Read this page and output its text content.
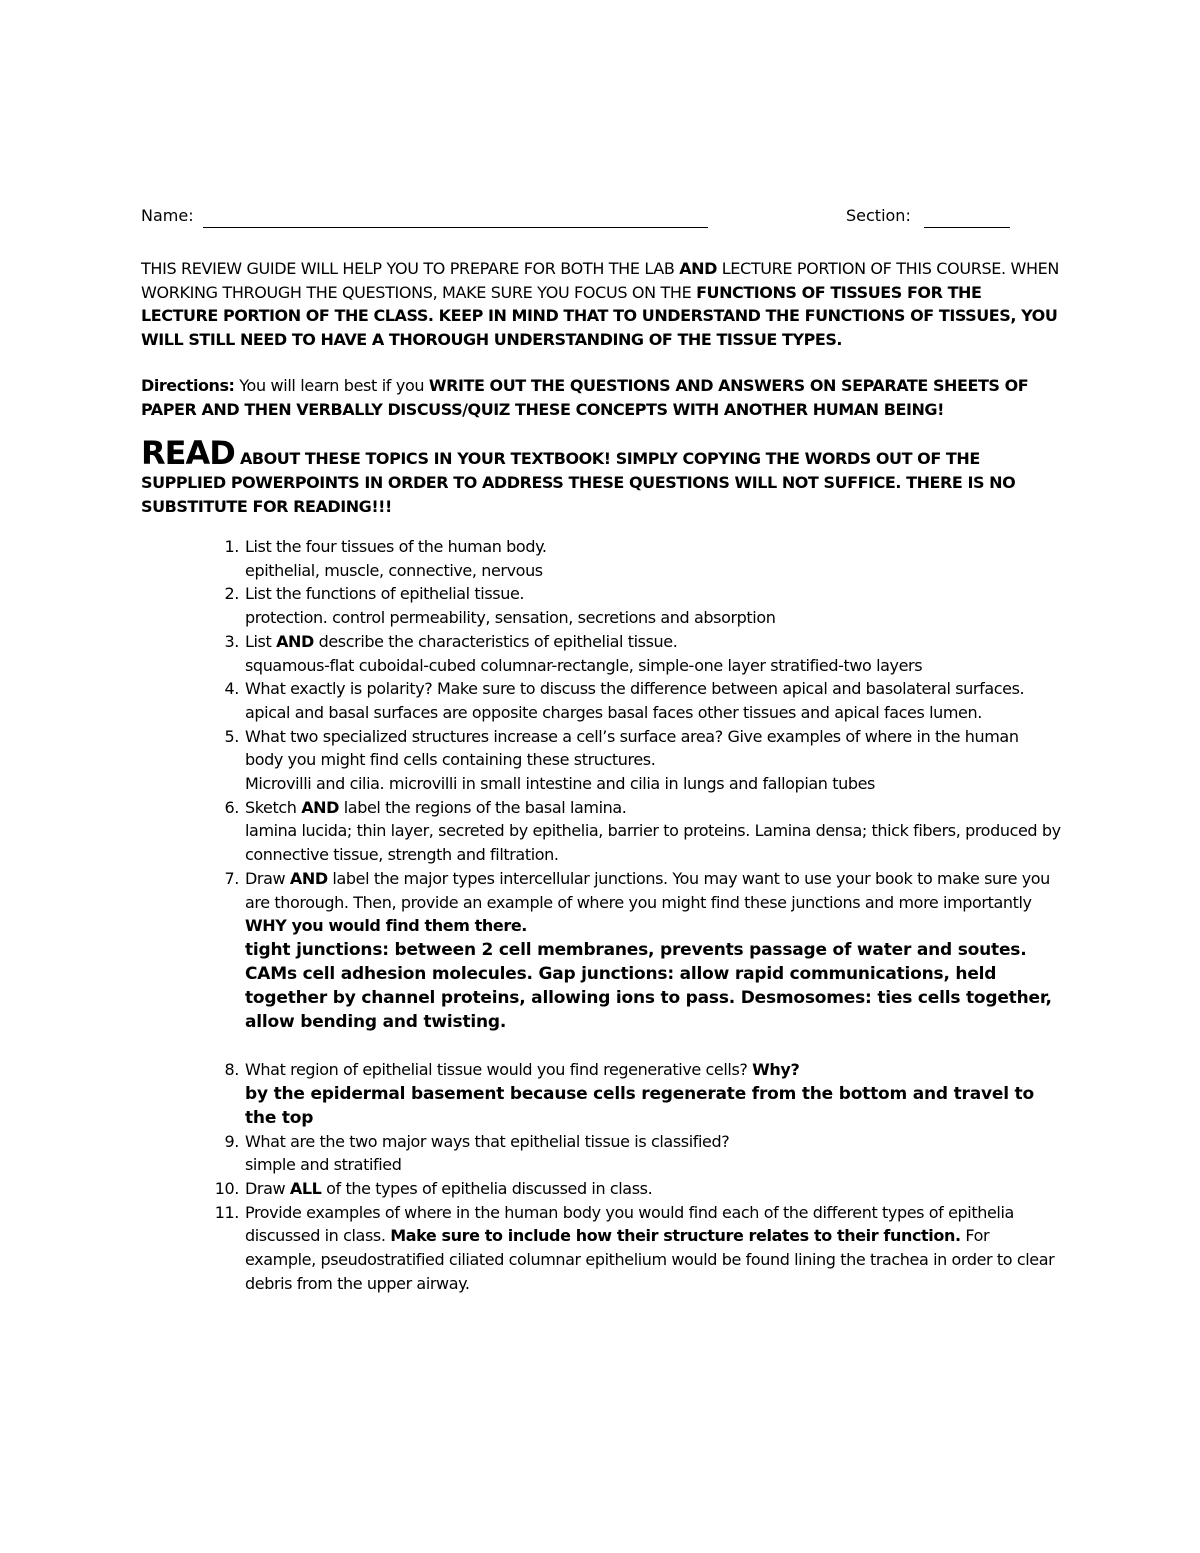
Name:	Section:
THIS REVIEW GUIDE WILL HELP YOU TO PREPARE FOR BOTH THE LAB AND LECTURE PORTION OF THIS COURSE. WHEN WORKING THROUGH THE QUESTIONS, MAKE SURE YOU FOCUS ON THE FUNCTIONS OF TISSUES FOR THE LECTURE PORTION OF THE CLASS. KEEP IN MIND THAT TO UNDERSTAND THE FUNCTIONS OF TISSUES, YOU WILL STILL NEED TO HAVE A THOROUGH UNDERSTANDING OF THE TISSUE TYPES.
Directions: You will learn best if you WRITE OUT THE QUESTIONS AND ANSWERS ON SEPARATE SHEETS OF PAPER AND THEN VERBALLY DISCUSS/QUIZ THESE CONCEPTS WITH ANOTHER HUMAN BEING!
READ ABOUT THESE TOPICS IN YOUR TEXTBOOK! SIMPLY COPYING THE WORDS OUT OF THE SUPPLIED POWERPOINTS IN ORDER TO ADDRESS THESE QUESTIONS WILL NOT SUFFICE. THERE IS NO SUBSTITUTE FOR READING!!!
1. List the four tissues of the human body.
epithelial, muscle, connective, nervous
2. List the functions of epithelial tissue.
protection. control permeability, sensation, secretions and absorption
3. List AND describe the characteristics of epithelial tissue.
squamous-flat cuboidal-cubed columnar-rectangle, simple-one layer stratified-two layers
4. What exactly is polarity? Make sure to discuss the difference between apical and basolateral surfaces.
apical and basal surfaces are opposite charges basal faces other tissues and apical faces lumen.
5. What two specialized structures increase a cell’s surface area? Give examples of where in the human body you might find cells containing these structures.
Microvilli and cilia. microvilli in small intestine and cilia in lungs and fallopian tubes
6. Sketch AND label the regions of the basal lamina.
lamina lucida; thin layer, secreted by epithelia, barrier to proteins. Lamina densa; thick fibers, produced by connective tissue, strength and filtration.
7. Draw AND label the major types intercellular junctions. You may want to use your book to make sure you are thorough. Then, provide an example of where you might find these junctions and more importantly WHY you would find them there.
tight junctions: between 2 cell membranes, prevents passage of water and soutes. CAMs cell adhesion molecules. Gap junctions: allow rapid communications, held together by channel proteins, allowing ions to pass. Desmosomes: ties cells together, allow bending and twisting.
8. What region of epithelial tissue would you find regenerative cells? Why?
by the epidermal basement because cells regenerate from the bottom and travel to the top
9. What are the two major ways that epithelial tissue is classified?
simple and stratified
10. Draw ALL of the types of epithelia discussed in class.
11. Provide examples of where in the human body you would find each of the different types of epithelia discussed in class. Make sure to include how their structure relates to their function. For example, pseudostratified ciliated columnar epithelium would be found lining the trachea in order to clear debris from the upper airway.
